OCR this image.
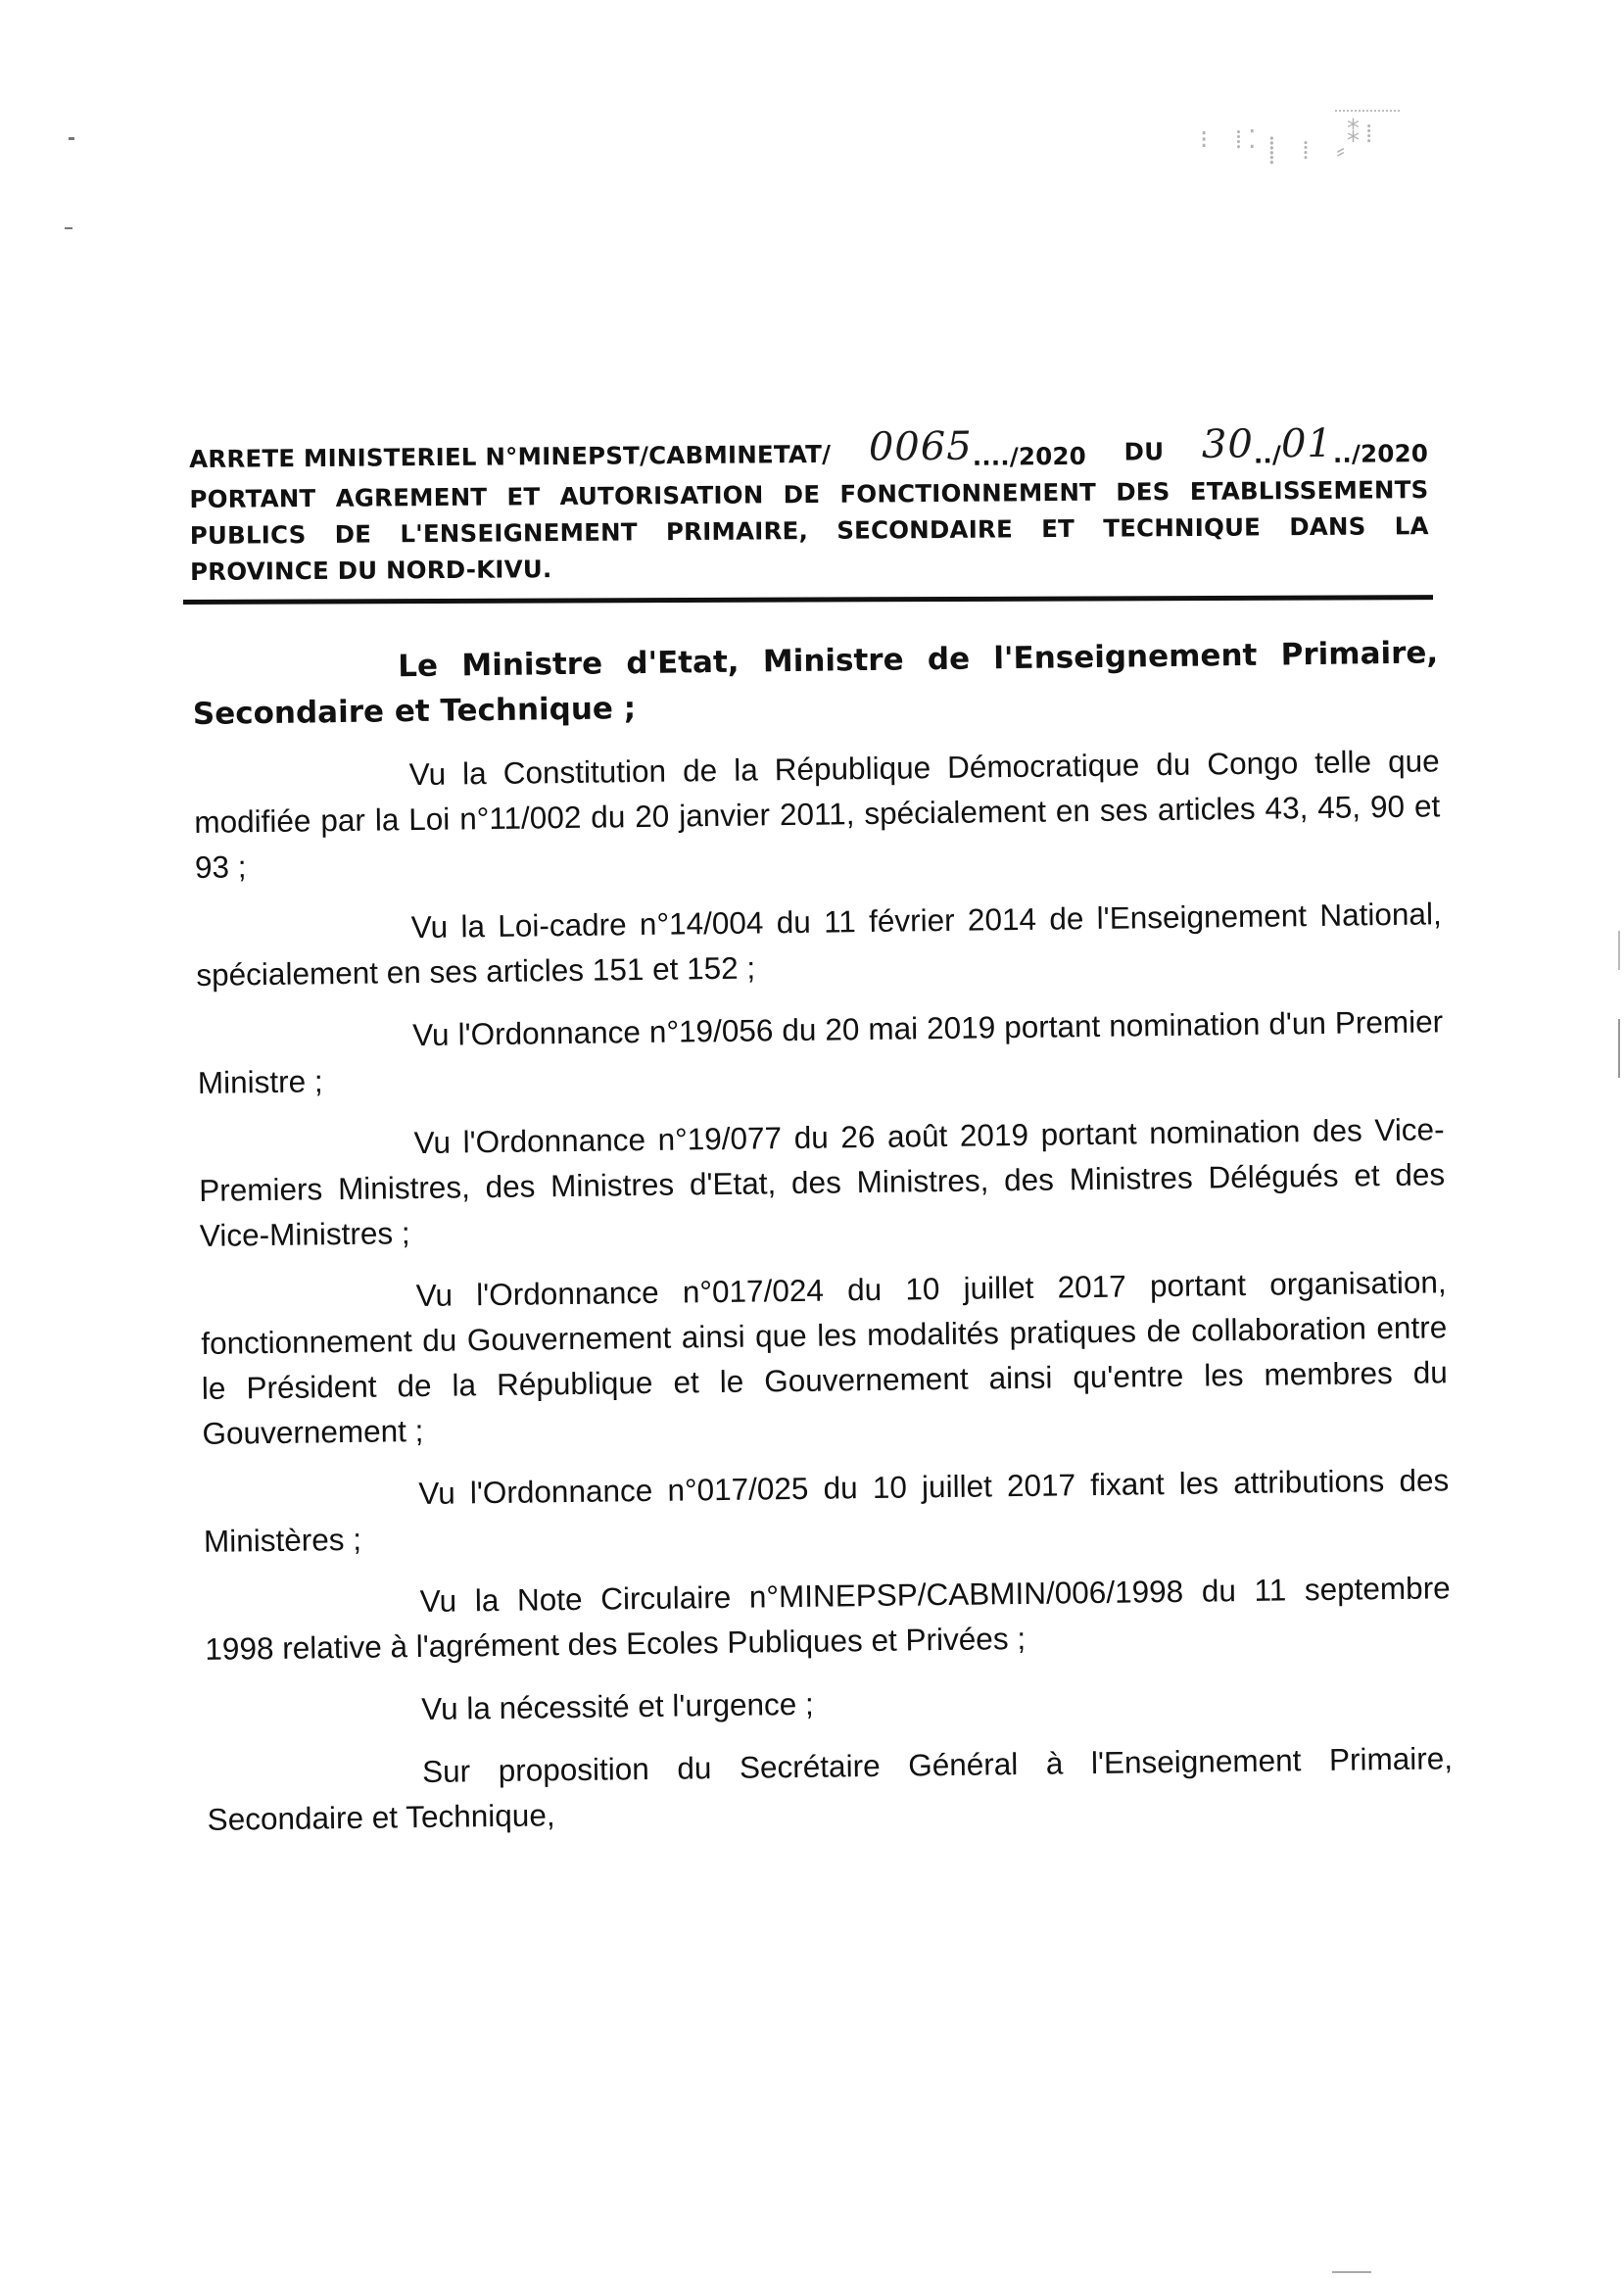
⁝ ⁞⁚ ⸽ ⁞ ⸗
⁑⁞
ARRETE MINISTERIEL N°MINEPST/CABMINETAT/ 0065..../2020 DU 30../01../2020
PORTANT AGREMENT ET AUTORISATION DE FONCTIONNEMENT DES ETABLISSEMENTS
PUBLICS DE L'ENSEIGNEMENT PRIMAIRE, SECONDAIRE ET TECHNIQUE DANS LA
PROVINCE DU NORD-KIVU.
Le Ministre d'Etat, Ministre de l'Enseignement Primaire,
Secondaire et Technique ;

Vu la Constitution de la République Démocratique du Congo telle que modifiée par la Loi n°11/002 du 20 janvier 2011, spécialement en ses articles 43, 45, 90 et 93 ;

Vu la Loi-cadre n°14/004 du 11 février 2014 de l'Enseignement National, spécialement en ses articles 151 et 152 ;

Vu l'Ordonnance n°19/056 du 20 mai 2019 portant nomination d'un Premier Ministre ;

Vu l'Ordonnance n°19/077 du 26 août 2019 portant nomination des Vice-Premiers Ministres, des Ministres d'Etat, des Ministres, des Ministres Délégués et des Vice-Ministres ;

Vu l'Ordonnance n°017/024 du 10 juillet 2017 portant organisation, fonctionnement du Gouvernement ainsi que les modalités pratiques de collaboration entre le Président de la République et le Gouvernement ainsi qu'entre les membres du Gouvernement ;

Vu l'Ordonnance n°017/025 du 10 juillet 2017 fixant les attributions des Ministères ;

Vu la Note Circulaire n°MINEPSP/CABMIN/006/1998 du 11 septembre 1998 relative à l'agrément des Ecoles Publiques et Privées ;

Vu la nécessité et l'urgence ;

Sur proposition du Secrétaire Général à l'Enseignement Primaire, Secondaire et Technique,
